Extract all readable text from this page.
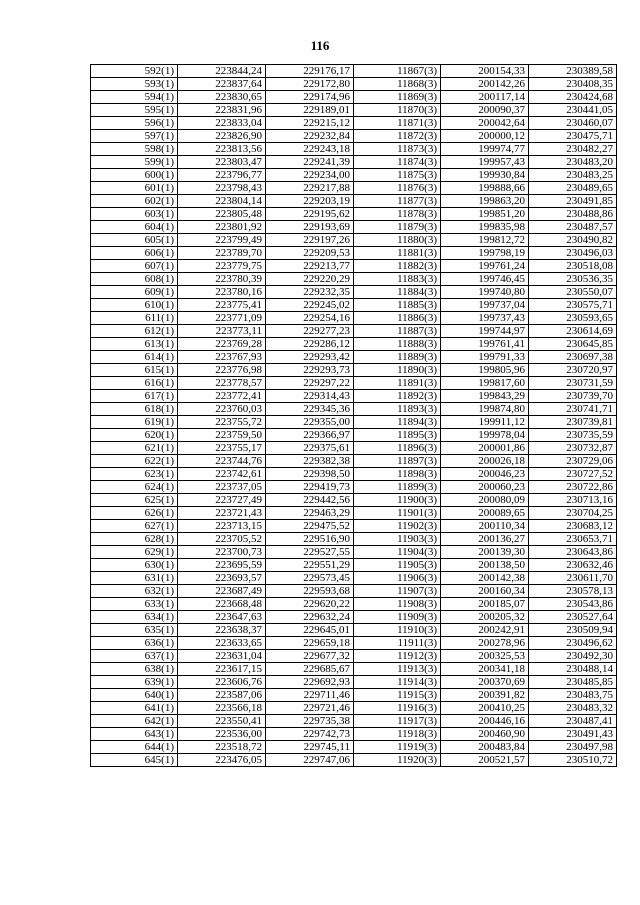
116
592(1)	223844,24	229176,17	11867(3)	200154,33	230389,58
593(1)	223837,64	229172,80	11868(3)	200142,26	230408,35
594(1)	223830,65	229174,96	11869(3)	200117,14	230424,68
595(1)	223831,96	229189,01	11870(3)	200090,37	230441,05
596(1)	223833,04	229215,12	11871(3)	200042,64	230460,07
597(1)	223826,90	229232,84	11872(3)	200000,12	230475,71
598(1)	223813,56	229243,18	11873(3)	199974,77	230482,27
599(1)	223803,47	229241,39	11874(3)	199957,43	230483,20
600(1)	223796,77	229234,00	11875(3)	199930,84	230483,25
601(1)	223798,43	229217,88	11876(3)	199888,66	230489,65
602(1)	223804,14	229203,19	11877(3)	199863,20	230491,85
603(1)	223805,48	229195,62	11878(3)	199851,20	230488,86
604(1)	223801,92	229193,69	11879(3)	199835,98	230487,57
605(1)	223799,49	229197,26	11880(3)	199812,72	230490,82
606(1)	223789,70	229209,53	11881(3)	199798,19	230496,03
607(1)	223779,75	229213,77	11882(3)	199761,24	230518,08
608(1)	223780,39	229220,29	11883(3)	199746,45	230536,35
609(1)	223780,16	229232,35	11884(3)	199740,80	230550,07
610(1)	223775,41	229245,02	11885(3)	199737,04	230575,71
611(1)	223771,09	229254,16	11886(3)	199737,43	230593,65
612(1)	223773,11	229277,23	11887(3)	199744,97	230614,69
613(1)	223769,28	229286,12	11888(3)	199761,41	230645,85
614(1)	223767,93	229293,42	11889(3)	199791,33	230697,38
615(1)	223776,98	229293,73	11890(3)	199805,96	230720,97
616(1)	223778,57	229297,22	11891(3)	199817,60	230731,59
617(1)	223772,41	229314,43	11892(3)	199843,29	230739,70
618(1)	223760,03	229345,36	11893(3)	199874,80	230741,71
619(1)	223755,72	229355,00	11894(3)	199911,12	230739,81
620(1)	223759,50	229366,97	11895(3)	199978,04	230735,59
621(1)	223755,17	229375,61	11896(3)	200001,86	230732,87
622(1)	223744,76	229382,38	11897(3)	200026,18	230729,06
623(1)	223742,61	229398,50	11898(3)	200046,23	230727,52
624(1)	223737,05	229419,73	11899(3)	200060,23	230722,86
625(1)	223727,49	229442,56	11900(3)	200080,09	230713,16
626(1)	223721,43	229463,29	11901(3)	200089,65	230704,25
627(1)	223713,15	229475,52	11902(3)	200110,34	230683,12
628(1)	223705,52	229516,90	11903(3)	200136,27	230653,71
629(1)	223700,73	229527,55	11904(3)	200139,30	230643,86
630(1)	223695,59	229551,29	11905(3)	200138,50	230632,46
631(1)	223693,57	229573,45	11906(3)	200142,38	230611,70
632(1)	223687,49	229593,68	11907(3)	200160,34	230578,13
633(1)	223668,48	229620,22	11908(3)	200185,07	230543,86
634(1)	223647,63	229632,24	11909(3)	200205,32	230527,64
635(1)	223638,37	229645,01	11910(3)	200242,91	230509,94
636(1)	223633,65	229659,18	11911(3)	200278,96	230496,62
637(1)	223631,04	229677,32	11912(3)	200325,53	230492,30
638(1)	223617,15	229685,67	11913(3)	200341,18	230488,14
639(1)	223606,76	229692,93	11914(3)	200370,69	230485,85
640(1)	223587,06	229711,46	11915(3)	200391,82	230483,75
641(1)	223566,18	229721,46	11916(3)	200410,25	230483,32
642(1)	223550,41	229735,38	11917(3)	200446,16	230487,41
643(1)	223536,00	229742,73	11918(3)	200460,90	230491,43
644(1)	223518,72	229745,11	11919(3)	200483,84	230497,98
645(1)	223476,05	229747,06	11920(3)	200521,57	230510,72
